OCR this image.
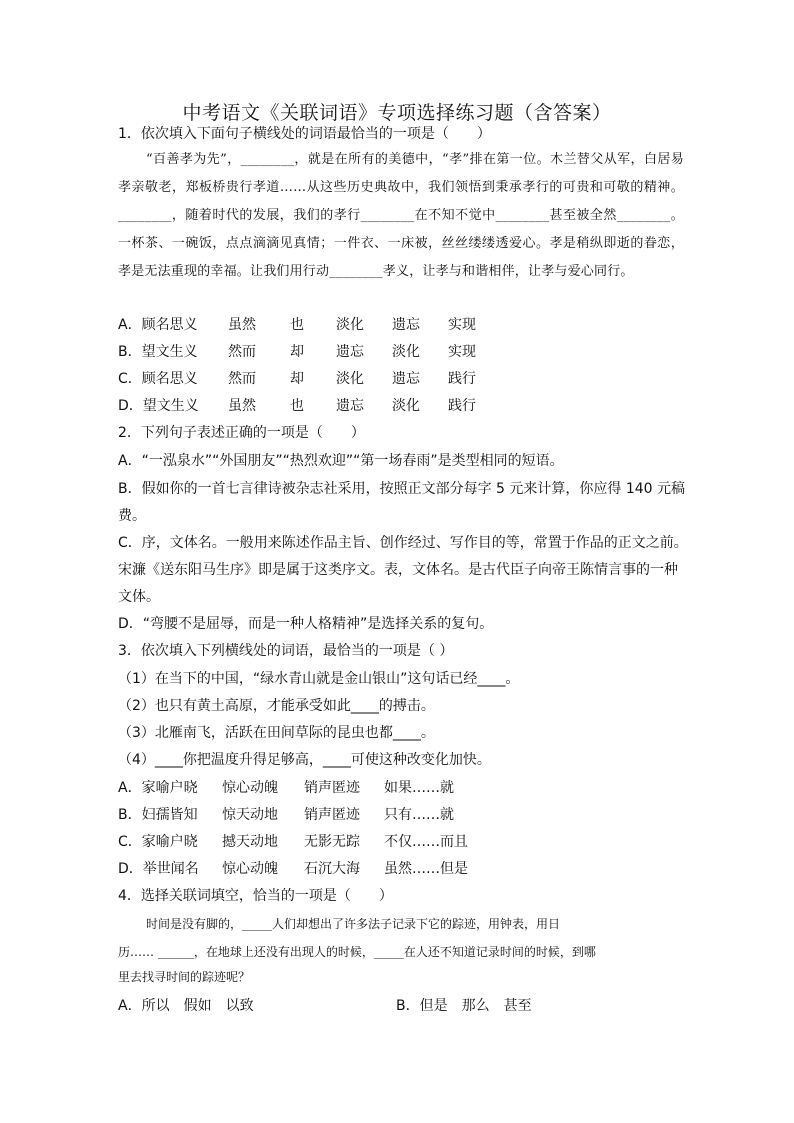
中考语文《关联词语》专项选择练习题（含答案）
1．依次填入下面句子横线处的词语最恰当的一项是（　　）
“百善孝为先”，________，就是在所有的美德中，“孝”排在第一位。木兰替父从军，白居易孝亲敬老，郑板桥贵行孝道……从这些历史典故中，我们领悟到秉承孝行的可贵和可敬的精神。________，随着时代的发展，我们的孝行________在不知不觉中________甚至被全然________。一杯茶、一碗饭，点点滴滴见真情；一件衣、一床被，丝丝缕缕透爱心。孝是稍纵即逝的眷恋，孝是无法重现的幸福。让我们用行动________孝义，让孝与和谐相伴，让孝与爱心同行。
A．顾名思义 虽然 也 淡化 遗忘 实现
B．望文生义 然而 却 遗忘 淡化 实现
C．顾名思义 然而 却 淡化 遗忘 践行
D．望文生义 虽然 也 遗忘 淡化 践行
2．下列句子表述正确的一项是（　　）
A．“一泓泉水”“外国朋友”“热烈欢迎”“第一场春雨”是类型相同的短语。
B．假如你的一首七言律诗被杂志社采用，按照正文部分每字 5 元来计算，你应得 140 元稿
费。
C．序，文体名。一般用来陈述作品主旨、创作经过、写作目的等，常置于作品的正文之前。
宋濂《送东阳马生序》即是属于这类序文。表，文体名。是古代臣子向帝王陈情言事的一种
文体。
D．“弯腰不是屈辱，而是一种人格精神”是选择关系的复句。
3．依次填入下列横线处的词语，最恰当的一项是（ ）
（1）在当下的中国，“绿水青山就是金山银山”这句话已经____。
（2）也只有黄土高原，才能承受如此____的搏击。
（3）北雁南飞，活跃在田间草际的昆虫也都____。
（4）____你把温度升得足够高，____可使这种改变化加快。
A．家喻户晓 惊心动魄 销声匿迹 如果……就
B．妇孺皆知 惊天动地 销声匿迹 只有……就
C．家喻户晓 撼天动地 无影无踪 不仅……而且
D．举世闻名 惊心动魄 石沉大海 虽然……但是
4．选择关联词填空，恰当的一项是（　　）
时间是没有脚的，_____人们却想出了许多法子记录下它的踪迹，用钟表，用日
历…… ______，在地球上还没有出现人的时候，_____在人还不知道记录时间的时候，到哪
里去找寻时间的踪迹呢？
A．所以　假如　以致	B．但是　那么　甚至
